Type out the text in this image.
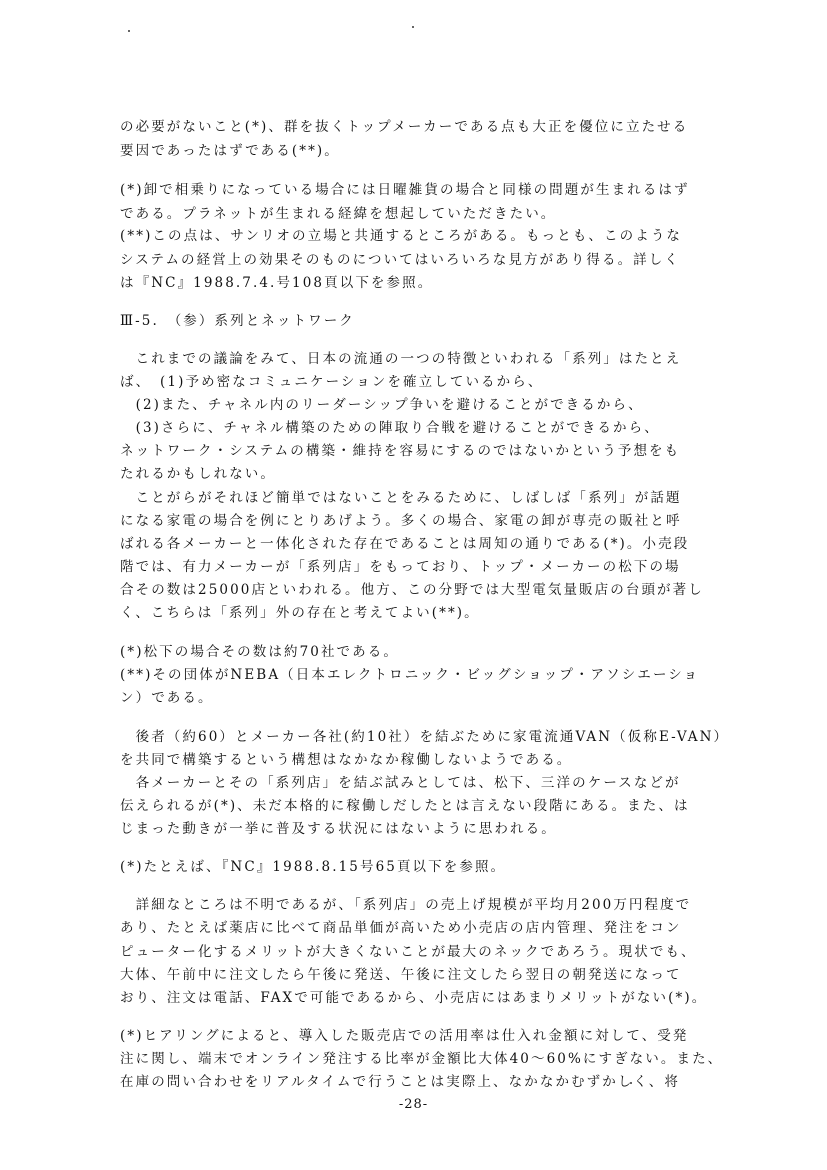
の必要がないこと(*)、群を抜くトップメーカーである点も大正を優位に立たせる
要因であったはずである(**)。
(*)卸で相乗りになっている場合には日曜雑貨の場合と同様の問題が生まれるはず
である。プラネットが生まれる経緯を想起していただきたい。
(**)この点は、サンリオの立場と共通するところがある。もっとも、このような
システムの経営上の効果そのものについてはいろいろな見方があり得る。詳しく
は『NC』1988.7.4.号108頁以下を参照。
Ⅲ-5.　（参）系列とネットワーク
　これまでの議論をみて、日本の流通の一つの特徴といわれる「系列」はたとえ
ば、　(1)予め密なコミュニケーションを確立しているから、
　(2)また、チャネル内のリーダーシップ争いを避けることができるから、
　(3)さらに、チャネル構築のための陣取り合戦を避けることができるから、
ネットワーク・システムの構築・維持を容易にするのではないかという予想をも
たれるかもしれない。
　ことがらがそれほど簡単ではないことをみるために、しばしば「系列」が話題
になる家電の場合を例にとりあげよう。多くの場合、家電の卸が専売の販社と呼
ばれる各メーカーと一体化された存在であることは周知の通りである(*)。小売段
階では、有力メーカーが「系列店」をもっており、トップ・メーカーの松下の場
合その数は25000店といわれる。他方、この分野では大型電気量販店の台頭が著し
く、こちらは「系列」外の存在と考えてよい(**)。
(*)松下の場合その数は約70社である。
(**)その団体がNEBA（日本エレクトロニック・ビッグショップ・アソシエーショ
ン）である。
　後者（約60）とメーカー各社(約10社）を結ぶために家電流通VAN（仮称E-VAN）
を共同で構築するという構想はなかなか稼働しないようである。
　各メーカーとその「系列店」を結ぶ試みとしては、松下、三洋のケースなどが
伝えられるが(*)、未だ本格的に稼働しだしたとは言えない段階にある。また、は
じまった動きが一挙に普及する状況にはないように思われる。
(*)たとえば、『NC』1988.8.15号65頁以下を参照。
　詳細なところは不明であるが、「系列店」の売上げ規模が平均月200万円程度で
あり、たとえば薬店に比べて商品単価が高いため小売店の店内管理、発注をコン
ピューター化するメリットが大きくないことが最大のネックであろう。現状でも、
大体、午前中に注文したら午後に発送、午後に注文したら翌日の朝発送になって
おり、注文は電話、FAXで可能であるから、小売店にはあまりメリットがない(*)。
(*)ヒアリングによると、導入した販売店での活用率は仕入れ金額に対して、受発
注に関し、端末でオンライン発注する比率が金額比大体40～60%にすぎない。また、
在庫の問い合わせをリアルタイムで行うことは実際上、なかなかむずかしく、将
-28-
